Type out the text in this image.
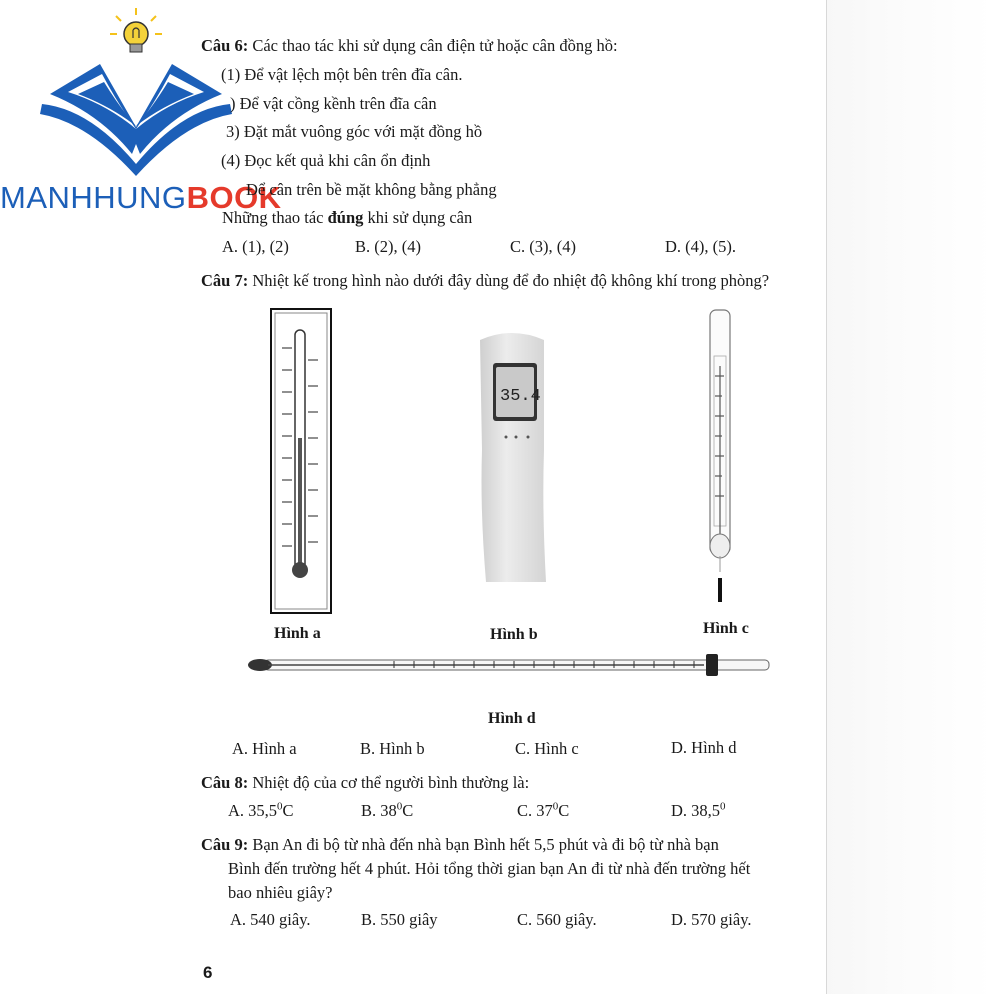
MANHHUNGBOOK
Câu 6: Các thao tác khi sử dụng cân điện tử hoặc cân đồng hồ:
(1) Để vật lệch một bên trên đĩa cân.
) Để vật cồng kềnh trên đĩa cân
3) Đặt mắt vuông góc với mặt đồng hồ
(4) Đọc kết quả khi cân ổn định
Để cân trên bề mặt không bằng phẳng
Những thao tác đúng khi sử dụng cân
A. (1), (2)	B. (2), (4)	C. (3), (4)	D. (4), (5).
Câu 7: Nhiệt kế trong hình nào dưới đây dùng để đo nhiệt độ không khí trong phòng?
35.4
Hình a	Hình b	Hình c
Hình d
A. Hình a	B. Hình b	C. Hình c	D. Hình d
Câu 8: Nhiệt độ của cơ thể người bình thường là:
A. 35,5$^0$C	B. $38^0C$	C. $37^0C$	D. 38,5$^0$
Câu 9: Bạn An đi bộ từ nhà đến nhà bạn Bình hết 5,5 phút và đi bộ từ nhà bạn
Bình đến trường hết 4 phút. Hỏi tổng thời gian bạn An đi từ nhà đến trường hết
bao nhiêu giây?
A. 540 giây.	B. 550 giây	C. 560 giây.	D. 570 giây.
6
